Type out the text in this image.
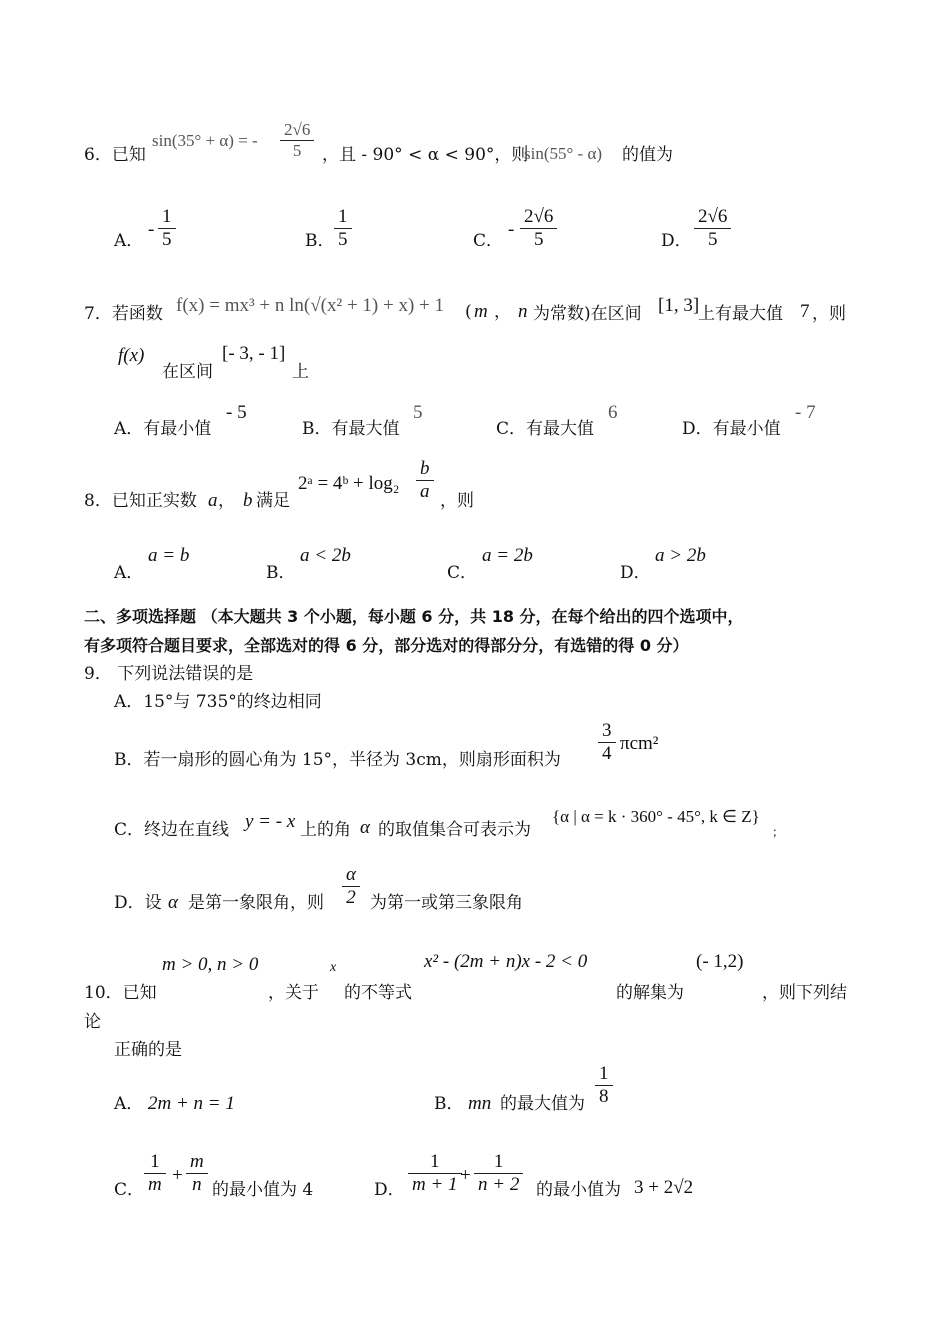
6．已知
sin(35° + α) = - $\frac{2√6}{5}$ ，且 - 90° < α < 90°，则
sin(55° - α) 的值为
A．
- $\frac{1}{5}$	B． $\frac{1}{5}$	C．
- $\frac{2√6}{5}$	D． $\frac{2√6}{5}$
7．若函数 f(x) = mx³ + n ln(√(x² + 1) + x) + 1 ( m ， n 为常数)在区间 [1, 3]
上有最大值 7 ，则
f(x)
在区间
[- 3, - 1]
上
A．有最小值
- 5
B．有最大值
5
C．有最大值
6
D．有最小值
- 7
8．已知正实数 a ， b 满足
2ᵃ = 4ᵇ + $\log_2 \frac{b}{a}$ ，则
A．
a = b
B．
a < 2b
C．
a = 2b
D．
a > 2b
二、多项选择题 （本大题共 3 个小题，每小题 6 分，共 18 分，在每个给出的四个选项中，
有多项符合题目要求，全部选对的得 6 分，部分选对的得部分分，有选错的得 0 分）
9． 下列说法错误的是
A．15°与 735°的终边相同
B．若一扇形的圆心角为 15°，半径为 3cm，则扇形面积为 $\frac{3}{4} \pi cm^2$
C．终边在直线 y = - x 上的角 α 的取值集合可表示为
{α | α = k · 360° - 45°, k ∈ Z}
；
D．设 α 是第一象限角，则 $\frac{\alpha}{2}$ 为第一或第三象限角
m > 0, n > 0	x	x² - (2m + n)x - 2 < 0	(- 1,2)
10．已知	，关于 的不等式	的解集为	，则下列结
论
正确的是
A． 2m + n = 1	B． mn 的最大值为 $\frac{1}{8}$
C． $\frac{1}{m} + \frac{m}{n}$ 的最小值为 4	D． $\frac{1}{m + 1} + \frac{1}{n + 2}$ 的最小值为 3 + 2√2
